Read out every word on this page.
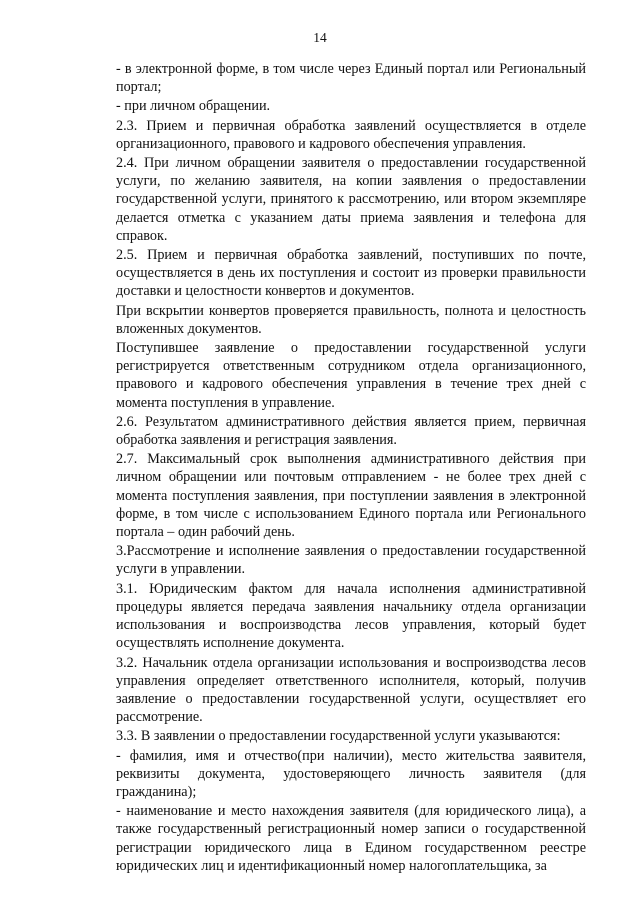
14

- в электронной форме, в том числе через Единый портал или Региональный портал;

- при личном обращении.

2.3. Прием и первичная обработка заявлений осуществляется в отделе организационного, правового и кадрового обеспечения управления.

2.4. При личном обращении заявителя о предоставлении государственной услуги, по желанию заявителя, на копии заявления о предоставлении государственной услуги, принятого к рассмотрению, или втором экземпляре делается отметка с указанием даты приема заявления и телефона для справок.

2.5. Прием и первичная обработка заявлений, поступивших по почте, осуществляется в день их поступления и состоит из проверки правильности доставки и целостности конвертов и документов.

При вскрытии конвертов проверяется правильность, полнота и целостность вложенных документов.

Поступившее заявление о предоставлении государственной услуги регистрируется ответственным сотрудником отдела организационного, правового и кадрового обеспечения управления в течение трех дней с момента поступления в управление.

2.6. Результатом административного действия является прием, первичная обработка заявления и регистрация заявления.

2.7. Максимальный срок выполнения административного действия при личном обращении или почтовым отправлением - не более трех дней с момента поступления заявления, при поступлении заявления в электронной форме, в том числе с использованием Единого портала или Регионального портала – один рабочий день.

3.Рассмотрение и исполнение заявления о предоставлении государственной услуги в управлении.

3.1. Юридическим фактом для начала исполнения административной процедуры является передача заявления начальнику отдела организации использования и воспроизводства лесов управления, который будет осуществлять исполнение документа.

3.2. Начальник отдела организации использования и воспроизводства лесов управления определяет ответственного исполнителя, который, получив заявление о предоставлении государственной услуги, осуществляет его рассмотрение.

3.3. В заявлении о предоставлении государственной услуги указываются:

- фамилия, имя и отчество(при наличии), место жительства заявителя, реквизиты документа, удостоверяющего личность заявителя (для гражданина);

- наименование и место нахождения заявителя (для юридического лица), а также государственный регистрационный номер записи о государственной регистрации юридического лица в Едином государственном реестре юридических лиц и идентификационный номер налогоплательщика, за
